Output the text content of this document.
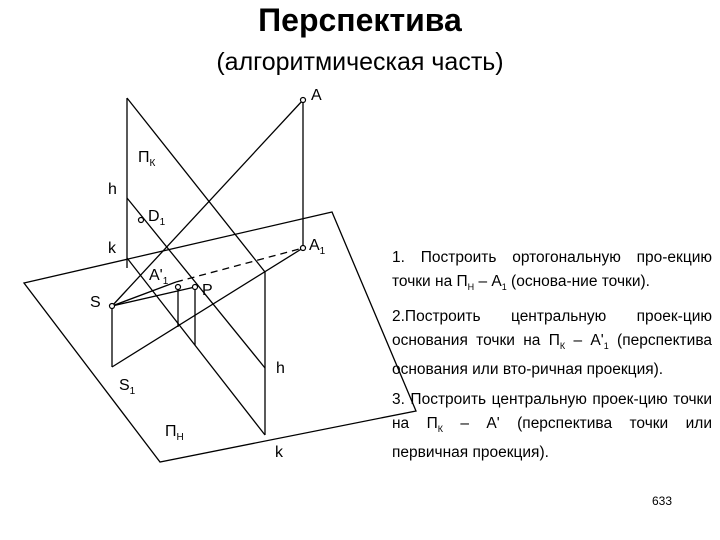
Перспектива
(алгоритмическая часть)
A
$A_1$
$П_К$
h
$D_1$
k
$A'_1$
P
S
$S_1$
h
$П_Н$
k

1. Построить ортогональную про-екцию точки на $П_Н - А_1$ (основа-ние точки).

2.Построить центральную проек-цию основания точки на $П_К - А'_1$ (перспектива основания или вто-ричная проекция).

3. Построить центральную проек-цию точки на $П_К$ – А' (перспектива точки или первичная проекция).

633
